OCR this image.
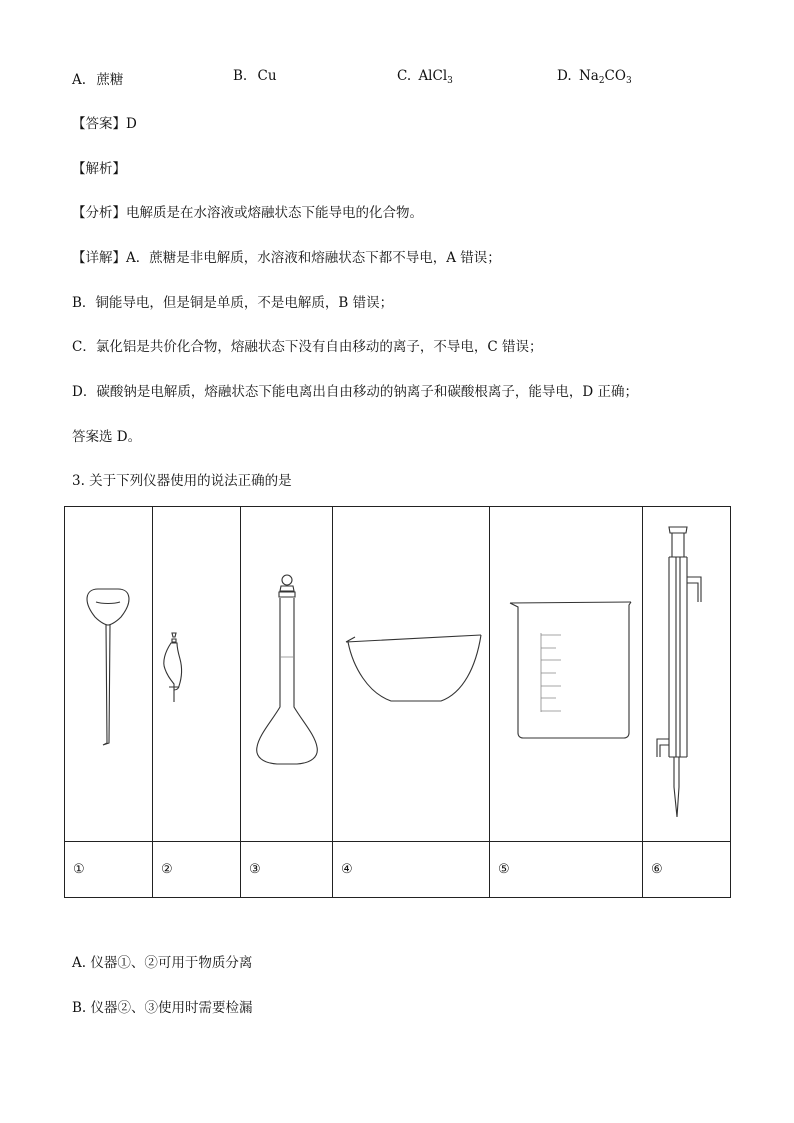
A. 蔗糖	B. Cu	C. AlCl$_3$	D. $Na_2CO_3$
【答案】D
【解析】
【分析】电解质是在水溶液或熔融状态下能导电的化合物。
【详解】A．蔗糖是非电解质，水溶液和熔融状态下都不导电，A 错误；
B．铜能导电，但是铜是单质，不是电解质，B 错误；
C．氯化铝是共价化合物，熔融状态下没有自由移动的离子，不导电，C 错误；
D．碳酸钠是电解质，熔融状态下能电离出自由移动的钠离子和碳酸根离子，能导电，D 正确；
答案选 D。
3. 关于下列仪器使用的说法正确的是

①	②	③	④	⑤	⑥
A. 仪器①、②可用于物质分离
B. 仪器②、③使用时需要检漏
